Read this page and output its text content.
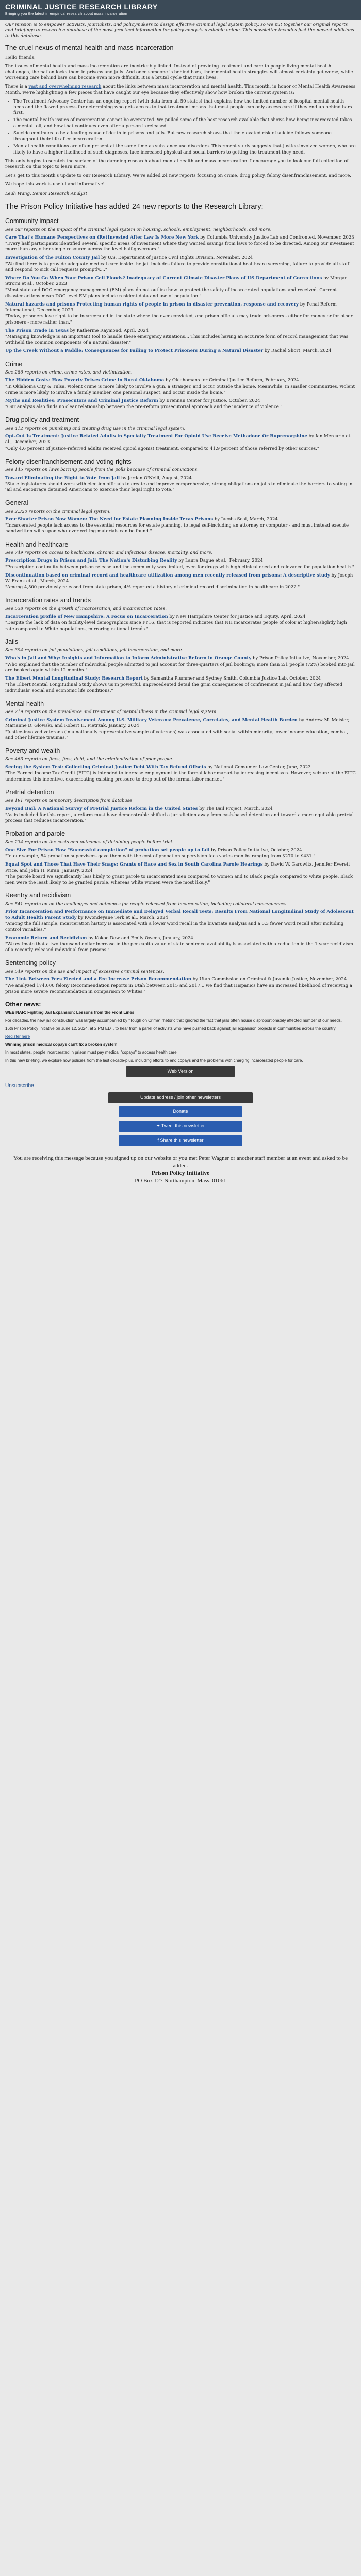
CRIMINAL JUSTICE RESEARCH LIBRARY
Bringing you the latest in empirical research about mass incarceration

Our mission is to empower activists, journalists, and policymakers to design effective criminal legal system policy, so we put together our original reports and briefings to research a database of the most practical information for policy analysts available online. This newsletter includes just the newest additions to this database.

The cruel nexus of mental health and mass incarceration

Hello friends,

The issues of mental health and mass incarceration are inextricably linked. Instead of providing treatment and care to people living mental health challenges, the nation locks them in prisons and jails. And once someone is behind bars, their mental health struggles will almost certainly get worse, while worsening care behind bars can become even more difficult. It is a brutal cycle that ruins lives.

There is a vast and overwhelming research about the links between mass incarceration and mental health. This month, in honor of Mental Health Awareness Month, we're highlighting a few pieces that have caught our eye because they effectively show how broken the current system is:

• The Treatment Advocacy Center has an ongoing report (with data from all 50 states) that explains how the limited number of hospital mental health beds and the flawed process for determining who gets access to that treatment means that most people can only access care if they end up behind bars first.
• The mental health issues of incarceration cannot be overstated. We pulled some of the best research available that shows how being incarcerated takes a mental toll, and how that continues even after a person is released.
• Suicide continues to be a leading cause of death in prisons and jails. But new research shows that the elevated risk of suicide follows someone throughout their life after incarceration.
• Mental health conditions are often present at the same time as substance use disorders. This recent study suggests that justice-involved women, who are likely to have a higher likelihood of such diagnoses, face increased physical and social barriers to getting the treatment they need.

This only begins to scratch the surface of the damning research about mental health and mass incarceration. I encourage you to look our full collection of research on this topic to learn more.

Let's get to this month's update to our Research Library. We've added 24 new reports focusing on crime, drug policy, felony disenfranchisement, and more.

We hope this work is useful and informative!

Leah Wang, Senior Research Analyst

The Prison Policy Initiative has added 24 new reports to the Research Library:
Community impact

See our reports on the impact of the criminal legal system on housing, schools, employment, neighborhoods, and more.

Care That's Humane Perspectives on (Re)Invested After Law Is More New York by Columbia University Justice Lab and Confronted, November, 2023
"Every half participants identified several specific areas of investment where they wanted savings from laws to forced to be directed. Among our investment more than any other single resource across the level half-governors."
Investigation of the Fulton County Jail by U.S. Department of Justice Civil Rights Division, November, 2024
"We find there is to provide adequate medical care inside the jail includes failure to provide constitutional healthcare screening, failure to provide all staff and respond to sick call requests promptly...."
Where Do You Go When Your Prison Cell Floods? Inadequacy of Current Climate Disaster Plans of US Department of Corrections by Morgan Stromi et al., October, 2023
"Most state and DOC emergency management (EM) plans do not outline how to protect the safety of incarcerated populations and received. Current disaster actions mean DOC level EM plans include resident data and use of population."
Natural hazards and prisons Protecting human rights of people in prison in disaster prevention, response and recovery by Penal Reform International, December, 2023
"Today, prisoners lose right to be incarcerated in the state where the ever convicted, and prison officials may trade prisoners - either for money or for other prisoners - more rather than."
The Prison Trade in Texas by Katherine Raymond, April, 2024
"Managing knowledge is an important tool to handle these emergency situations... This includes having an accurate form of record management that was withheld the common components of a natural disaster."
Up the Creek Without a Paddle: Consequences for Failing to Protect Prisoners During a Natural Disaster by Rachel Short, March, 2024
Crime

See 286 reports on crime, crime rates, and victimization.

The Hidden Costs: How Poverty Drives Crime in Rural Oklahoma by Oklahomans for Criminal Justice Reform, February, 2024
"In Oklahoma City & Tulsa, violent crime is more likely to involve a gun, a stranger, and occur outside the home. Meanwhile, in smaller communities, violent crime is more likely to involve a family member, one personal suspect, and occur inside the home."
Myths and Realities: Prosecutors and Criminal Justice Reform by Brennan Center for Justice, October, 2024
"Our analysis also finds no clear relationship between the pre-reform prosecutorial approach and the incidence of violence."
Drug policy and treatment

See 412 reports on punishing and treating drug use in the criminal legal system.

Opt-Out Is Treatment: Justice Related Adults in Specialty Treatment For Opioid Use Receive Methadone Or Buprenorphine by Ian Mercurio et al., December, 2023
"Only 4.6 percent of justice-referred adults received opioid agonist treatment, compared to 41.9 percent of those referred by other sources."
Felony disenfranchisement and voting rights

See 145 reports on laws barring people from the polls because of criminal convictions.

Toward Eliminating the Right to Vote from Jail by Jordan O'Neill, August, 2024
"State legislatures should work with election officials to create and improve comprehensive, strong obligations on jails to eliminate the barriers to voting in jail and encourage detained Americans to exercise their legal right to vote."
General

See 2,320 reports on the criminal legal system.

Ever Shorter Prison Now Women: The Need for Estate Planning Inside Texas Prisons by Jacobs Seal, March, 2024
"Incarcerated people lack access to the essential resources for estate planning, to legal self-including an attorney or computer - and must instead execute handwritten wills upon whatever writing materials can be found."
Health and healthcare

See 749 reports on access to healthcare, chronic and infectious disease, mortality, and more.

Prescription Drugs in Prison and Jail: The Nation's Disturbing Reality by Laura Dague et al., February, 2024
"Prescription continuity between prison release and the community was limited, even for drugs with high clinical need and relevance for population health."
Discontinuation based on criminal record and healthcare utilization among men recently released from prisons: A descriptive study by Joseph W. Frank et al., March, 2024
"Among 4,500 previously released from state prison, 4% reported a history of criminal record discrimination in healthcare in 2022."
Incarceration rates and trends

See 538 reports on the growth of incarceration, and incarceration rates.

Incarceration profile of New Hampshire: A Focus on Incarceration by New Hampshire Center for Justice and Equity, April, 2024
"Despite the lack of data on facility-level demographics since FY16, that is reported indicates that NH incarcerates people of color at higher/slightly high rate compared to White populations, mirroring national trends."
Jails

See 394 reports on jail populations, jail conditions, jail incarceration, and more.

Who's in Jail and Why: Insights and Information to Inform Administrative Reform in Orange County by Prison Policy Initiative, November, 2024
"Who explained that the number of individual people admitted to jail account for three-quarters of jail bookings; more than 2:1 people (72%) booked into jail are booked again within 12 months."
The Elbert Mental Longitudinal Study: Research Report by Samantha Plummer and Sydney Smith, Columbia Justice Lab, October, 2024
"The Elbert Mental Longitudinal Study shows us in powerful, unprecedented detail the grim consequences of confinement in jail and how they affected individuals' social and economic life conditions."
Mental health

See 219 reports on the prevalence and treatment of mental illness in the criminal legal system.

Criminal Justice System Involvement Among U.S. Military Veterans: Prevalence, Correlates, and Mental Health Burden by Andrew M. Meisler, Marianne D. Glowski, and Robert H. Pietrzak, January, 2024
"Justice-involved veterans (in a nationally representative sample of veterans) was associated with social within minority, lower income education, combat, and other lifetime traumas."
Poverty and wealth

See 463 reports on fines, fees, debt, and the criminalization of poor people.

Seeing the System Test: Collecting Criminal Justice Debt With Tax Refund Offsets by National Consumer Law Center, June, 2023
"The Earned Income Tax Credit (EITC) is intended to increase employment in the formal labor market by increasing incentives. However, seizure of the EITC undermines this incentive, exacerbating existing pressure to drop out of the formal labor market."
Pretrial detention

See 191 reports on temporary description from database

Beyond Bail: A National Survey of Pretrial Justice Reform in the United States by The Bail Project, March, 2024
"As is included for this report, a reform must have demonstrable shifted a jurisdiction away from cash-based detention and toward a more equitable pretrial process that reduces incarceration."
Probation and parole

See 234 reports on the costs and outcomes of detaining people before trial.

One Size For Prison How "Successful completion" of probation set people up to fail by Prison Policy Initiative, October, 2024
"In our sample, 54 probation supervisees gave them with the cost of probation supervision fees varies months ranging from $270 to $431."
Equal Spot and Those That Have Their Snags: Grants of Race and Sex in South Carolina Parole Hearings by David W. Garowitz, Jennifer Everett Price, and John H. Kiran, January, 2024
"The parole board we significantly less likely to grant parole to incarcerated men compared to women and to Black people compared to white people. Black men were the least likely to be granted parole, whereas white women were the most likely."
Reentry and recidivism

See 541 reports on on the challenges and outcomes for people released from incarceration, including collateral consequences.

Prior Incarceration and Performance on Immediate and Delayed Verbal Recall Tests: Results From National Longitudinal Study of Adolescent to Adult Health Parent Study by Kwondeyane Terk et al., March, 2024
"Among the full sample, incarceration history is associated with a lower word recall in the bivariate analysis and a 0.3 fewer word recall after including control variables."
Economic Return and Recidivism by Kokoe Dow and Emily Owens, January, 2024
"We estimate that a two thousand dollar increase in the per capita value of state sentence availability is associated with a reduction in the 1 year recidivism of a recently released individual from prisons."
Sentencing policy

See 549 reports on the use and impact of excessive criminal sentences.

The Link Between Fees Elected and a Fee Increase Prison Recommendation by Utah Commission on Criminal & Juvenile Justice, November, 2024
"We analyzed 174,000 felony Recommendation reports in Utah between 2015 and 2017... we find that Hispanics have an increased likelihood of receiving a prison more severe recommendation in comparison to Whites."
Other news:

WEBINAR: Fighting Jail Expansion: Lessons from the Front Lines

For decades, the new jail construction was largely accompanied by "Tough on Crime" rhetoric that ignored the fact that jails often house disproportionately affected number of our needs.

16th Prison Policy Initiative on June 12, 2024, at 2 PM EDT, to hear from a panel of activists who have pushed back against jail expansion projects in communities across the country.

Register here

Winning prison medical copays can't fix a broken system

In most states, people incarcerated in prison must pay medical "copays" to access health care.

In this new briefing, we explore how policies from the last decade-plus, including efforts to end copays and the problems with charging incarcerated people for care.

Web Version

Unsubscribe

Update address / join other newsletters
Donate
✦ Tweet this newsletter
f Share this newsletter
You are receiving this message because you signed up on our website or you met Peter Wagner or another staff member at an event and asked to be added.
Prison Policy Initiative
PO Box 127 Northampton, Mass. 01061
